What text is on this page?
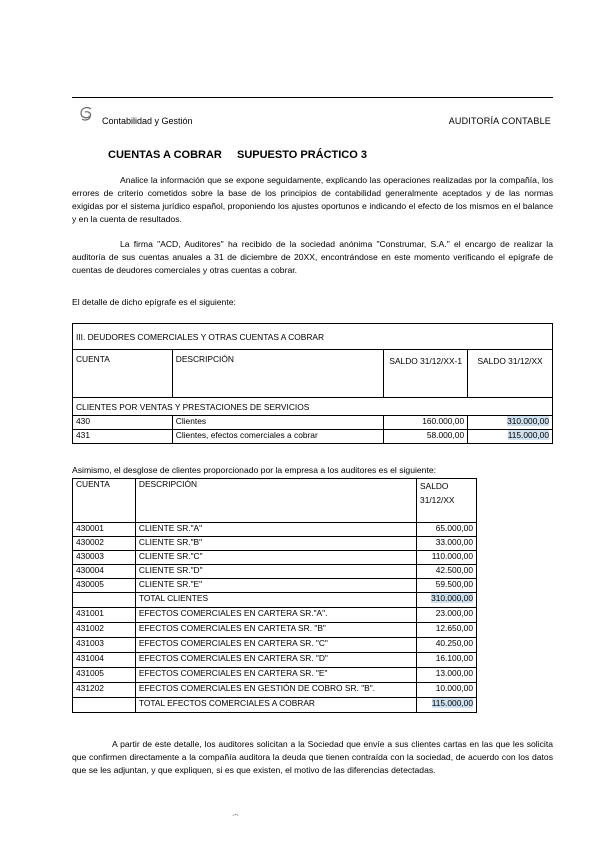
Contabilidad y Gestión	AUDITORÍA CONTABLE
CUENTAS A COBRAR SUPUESTO PRÁCTICO 3
Analice la información que se expone seguidamente, explicando las operaciones realizadas por la compañía, los errores de criterio cometidos sobre la base de los principios de contabilidad generalmente aceptados y de las normas exigidas por el sistema jurídico español, proponiendo los ajustes oportunos e indicando el efecto de los mismos en el balance y en la cuenta de resultados.
La firma "ACD, Auditores" ha recibido de la sociedad anónima "Construmar, S.A." el encargo de realizar la auditoría de sus cuentas anuales a 31 de diciembre de 20XX, encontrándose en este momento verificando el epígrafe de cuentas de deudores comerciales y otras cuentas a cobrar.
El detalle de dicho epígrafe es el siguiente:
III. DEUDORES COMERCIALES Y OTRAS CUENTAS A COBRAR			
CUENTA	DESCRIPCIÓN	SALDO 31/12/XX-1	SALDO 31/12/XX
CLIENTES POR VENTAS Y PRESTACIONES DE SERVICIOS			
430	Clientes	160.000,00	310.000,00
431	Clientes, efectos comerciales a cobrar	58.000,00	115.000,00
Asimismo, el desglose de clientes proporcionado por la empresa a los auditores es el siguiente:
CUENTA	DESCRIPCIÓN	SALDO 31/12/XX
430001	CLIENTE SR."A"	65.000,00
430002	CLIENTE SR."B"	33.000,00
430003	CLIENTE SR."C"	110.000,00
430004	CLIENTE SR."D"	42.500,00
430005	CLIENTE SR."E"	59.500,00
	TOTAL CLIENTES	310.000,00
431001	EFECTOS COMERCIALES EN CARTERA SR."A".	23.000,00
431002	EFECTOS COMERCIALES EN CARTETA SR. "B"	12.650,00
431003	EFECTOS COMERCIALES EN CARTERA SR. "C"	40.250,00
431004	EFECTOS COMERCIALES EN CARTERA SR. "D"	16.100,00
431005	EFECTOS COMERCIALES EN CARTERA SR. "E"	13.000,00
431202	EFECTOS COMERCIALES EN GESTIÓN DE COBRO SR. "B".	10.000,00
	TOTAL EFECTOS COMERCIALES A COBRAR	115.000,00
A partir de este detalle, los auditores solicitan a la Sociedad que envíe a sus clientes cartas en las que les solicita que confirmen directamente a la compañía auditora la deuda que tienen contraída con la sociedad, de acuerdo con los datos que se les adjuntan, y que expliquen, si es que existen, el motivo de las diferencias detectadas.
·-·
